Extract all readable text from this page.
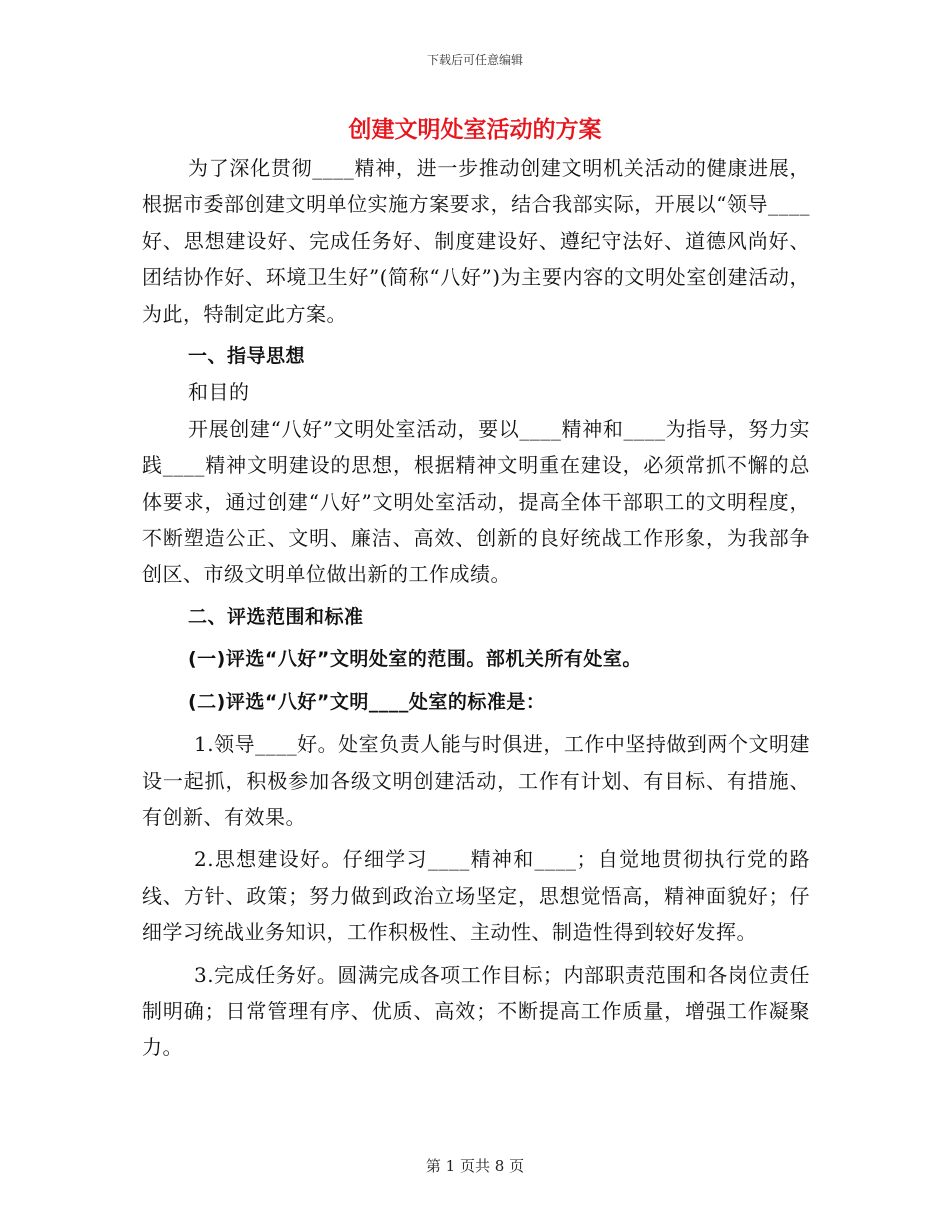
下载后可任意编辑
创建文明处室活动的方案

为了深化贯彻____精神，进一步推动创建文明机关活动的健康进展，根据市委部创建文明单位实施方案要求，结合我部实际，开展以“领导____好、思想建设好、完成任务好、制度建设好、遵纪守法好、道德风尚好、团结协作好、环境卫生好”(简称“八好”)为主要内容的文明处室创建活动，为此，特制定此方案。

一、指导思想

和目的

开展创建“八好”文明处室活动，要以____精神和____为指导，努力实践____精神文明建设的思想，根据精神文明重在建设，必须常抓不懈的总体要求，通过创建“八好”文明处室活动，提高全体干部职工的文明程度，不断塑造公正、文明、廉洁、高效、创新的良好统战工作形象，为我部争创区、市级文明单位做出新的工作成绩。

二、评选范围和标准

(一)评选“八好”文明处室的范围。部机关所有处室。

(二)评选“八好”文明____处室的标准是：

1.领导____好。处室负责人能与时俱进，工作中坚持做到两个文明建设一起抓，积极参加各级文明创建活动，工作有计划、有目标、有措施、有创新、有效果。

2.思想建设好。仔细学习____精神和____；自觉地贯彻执行党的路线、方针、政策；努力做到政治立场坚定，思想觉悟高，精神面貌好；仔细学习统战业务知识，工作积极性、主动性、制造性得到较好发挥。

3.完成任务好。圆满完成各项工作目标；内部职责范围和各岗位责任制明确；日常管理有序、优质、高效；不断提高工作质量，增强工作凝聚力。

第 1 页共 8 页
